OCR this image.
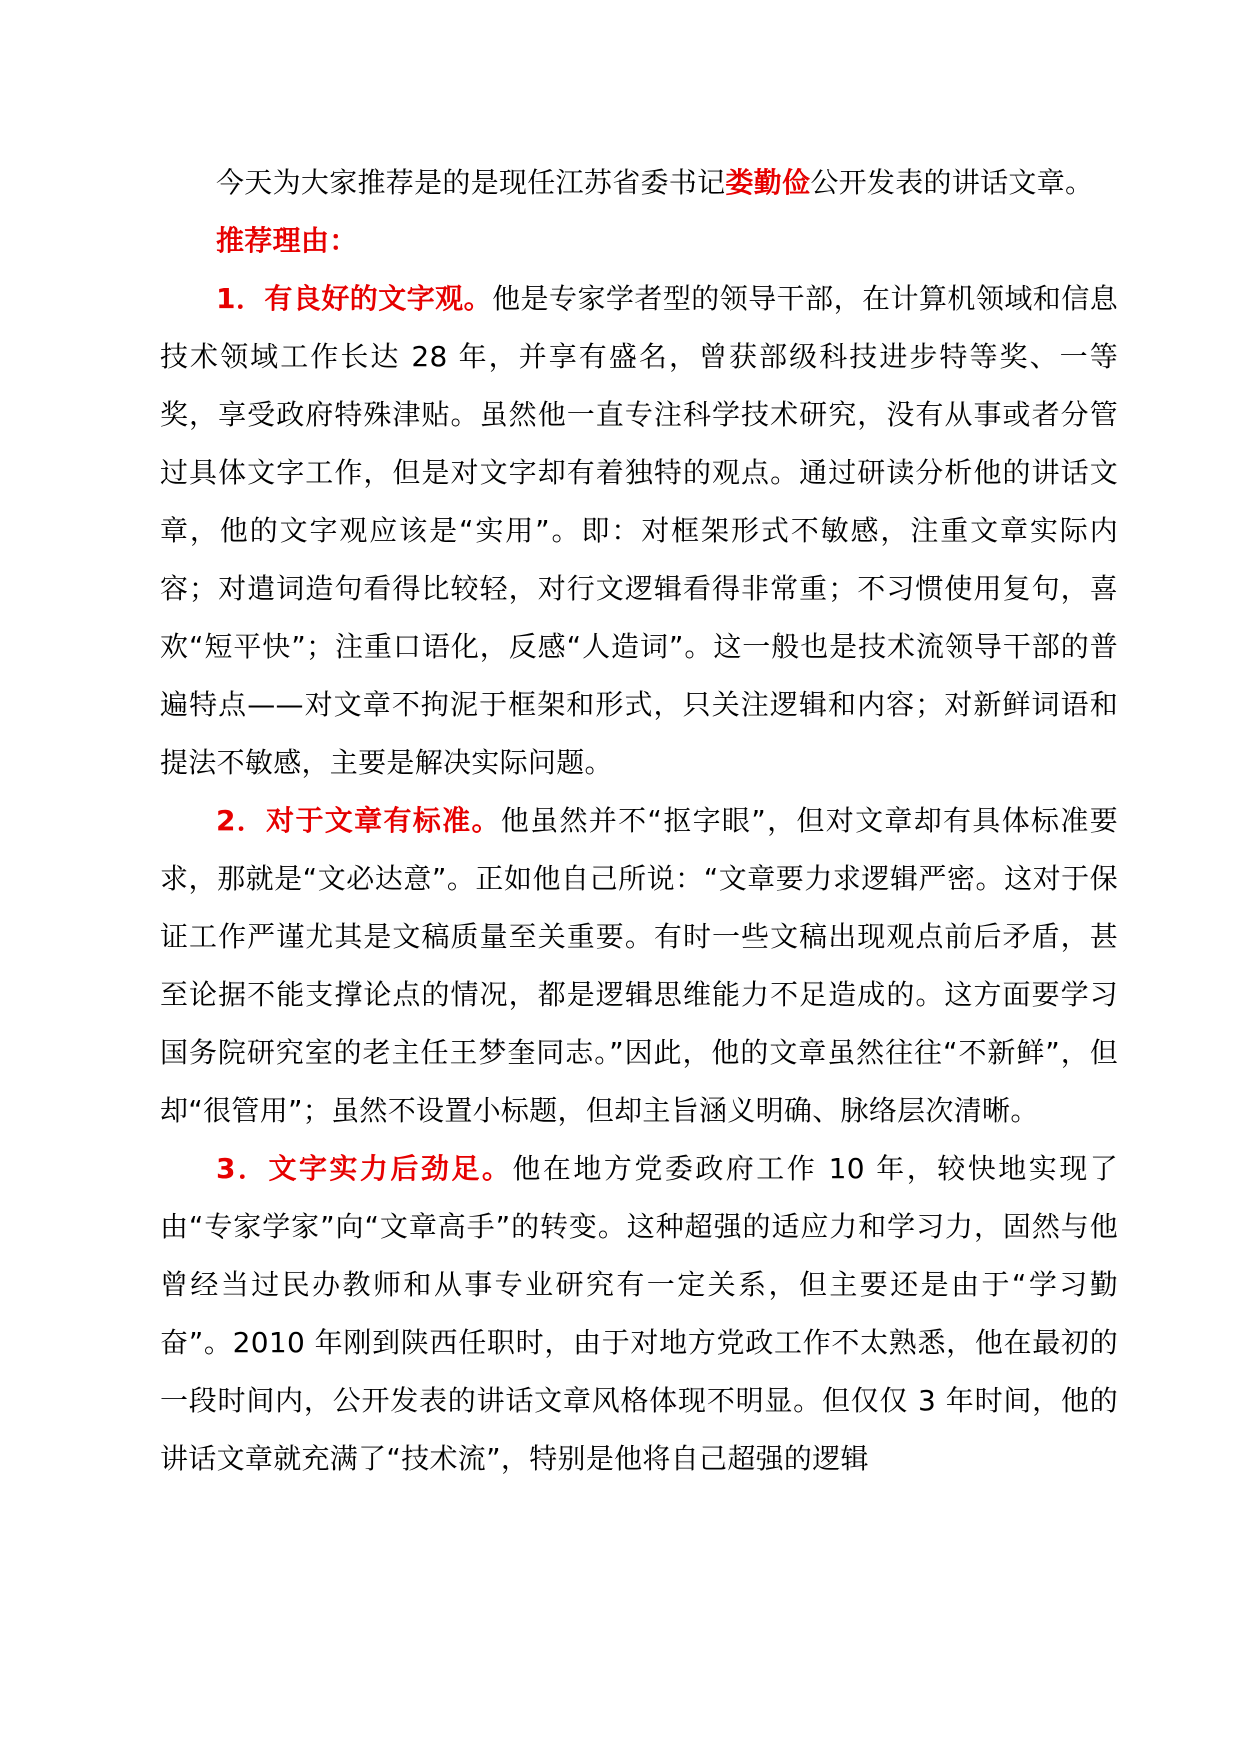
今天为大家推荐是的是现任江苏省委书记娄勤俭公开发表的讲话文章。

推荐理由：

1．有良好的文字观。他是专家学者型的领导干部，在计算机领域和信息技术领域工作长达 28 年，并享有盛名，曾获部级科技进步特等奖、一等奖，享受政府特殊津贴。虽然他一直专注科学技术研究，没有从事或者分管过具体文字工作，但是对文字却有着独特的观点。通过研读分析他的讲话文章，他的文字观应该是“实用”。即：对框架形式不敏感，注重文章实际内容；对遣词造句看得比较轻，对行文逻辑看得非常重；不习惯使用复句，喜欢“短平快”；注重口语化，反感“人造词”。这一般也是技术流领导干部的普遍特点——对文章不拘泥于框架和形式，只关注逻辑和内容；对新鲜词语和提法不敏感，主要是解决实际问题。

2．对于文章有标准。他虽然并不“抠字眼”，但对文章却有具体标准要求，那就是“文必达意”。正如他自己所说：“文章要力求逻辑严密。这对于保证工作严谨尤其是文稿质量至关重要。有时一些文稿出现观点前后矛盾，甚至论据不能支撑论点的情况，都是逻辑思维能力不足造成的。这方面要学习国务院研究室的老主任王梦奎同志。”因此，他的文章虽然往往“不新鲜”，但却“很管用”；虽然不设置小标题，但却主旨涵义明确、脉络层次清晰。

3．文字实力后劲足。他在地方党委政府工作 10 年，较快地实现了由“专家学家”向“文章高手”的转变。这种超强的适应力和学习力，固然与他曾经当过民办教师和从事专业研究有一定关系，但主要还是由于“学习勤奋”。2010 年刚到陕西任职时，由于对地方党政工作不太熟悉，他在最初的一段时间内，公开发表的讲话文章风格体现不明显。但仅仅 3 年时间，他的讲话文章就充满了“技术流”，特别是他将自己超强的逻辑
